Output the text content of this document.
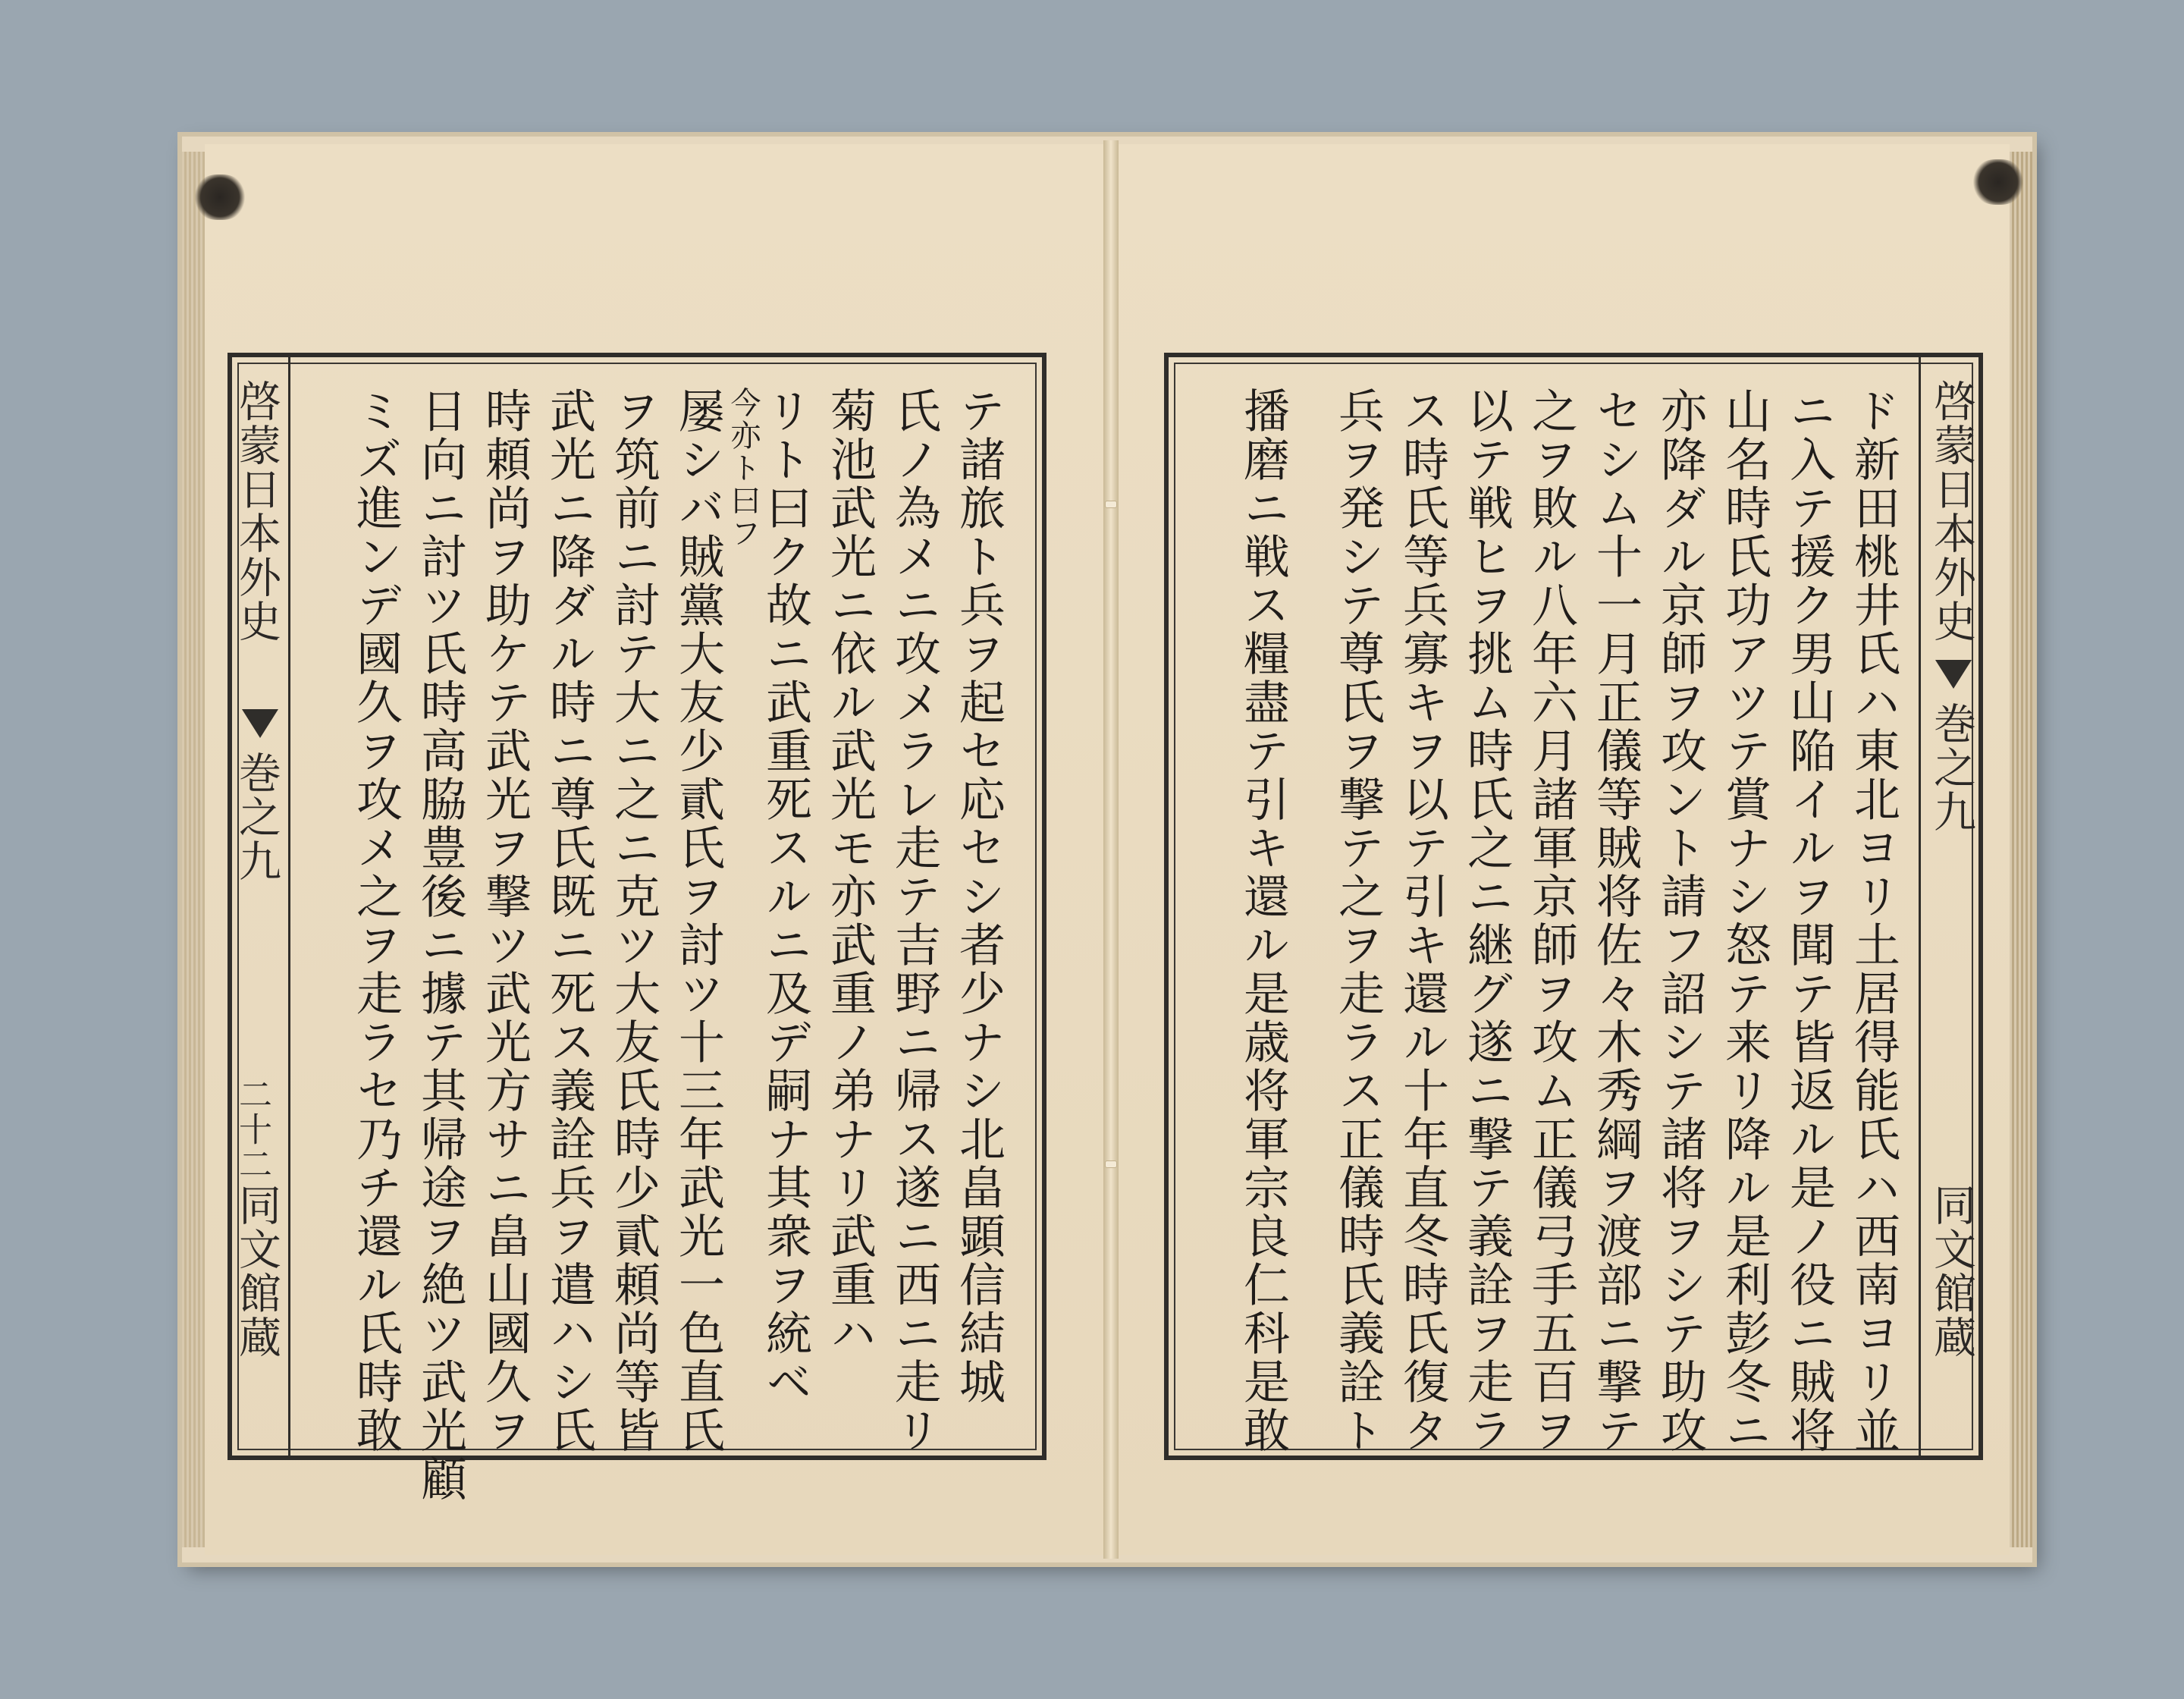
啓蒙日本外史
巻之九
二十二
同文館蔵	テ諸旅ト兵ヲ起セ応セシ者少ナシ北畠顕信結城
氏ノ為メニ攻メラレ走テ吉野ニ帰ス遂ニ西ニ走リ
菊池武光ニ依ル武光モ亦武重ノ弟ナリ武重ハ
リト曰ク故ニ武重死スルニ及デ嗣ナ其衆ヲ統ベ
今亦ト曰フ
屡シバ賊黨大友少貳氏ヲ討ツ十三年武光一色直氏
ヲ筑前ニ討テ大ニ之ニ克ツ大友氏時少貳頼尚等皆
武光ニ降ダル時ニ尊氏既ニ死ス義詮兵ヲ遣ハシ氏
時頼尚ヲ助ケテ武光ヲ撃ツ武光方サニ畠山國久ヲ
日向ニ討ツ氏時高脇豊後ニ據テ其帰途ヲ絶ツ武光顧
ミズ進ンデ國久ヲ攻メ之ヲ走ラセ乃チ還ル氏時敢	啓蒙日本外史
巻之九
同文館蔵
ド新田桃井氏ハ東北ヨリ土居得能氏ハ西南ヨリ並
ニ入テ援ク男山陥イルヲ聞テ皆返ル是ノ役ニ賊将
山名時氏功アツテ賞ナシ怒テ来リ降ル是利彭冬ニ
亦降ダル京師ヲ攻ント請フ詔シテ諸将ヲシテ助攻
セシム十一月正儀等賊将佐々木秀綱ヲ渡部ニ撃テ
之ヲ敗ル八年六月諸軍京師ヲ攻ム正儀弓手五百ヲ
以テ戦ヒヲ挑ム時氏之ニ継グ遂ニ撃テ義詮ヲ走ラ
ス時氏等兵寡キヲ以テ引キ還ル十年直冬時氏復タ
兵ヲ発シテ尊氏ヲ撃テ之ヲ走ラス正儀時氏義詮ト
播磨ニ戦ス糧盡テ引キ還ル是歳将軍宗良仁科是敢
